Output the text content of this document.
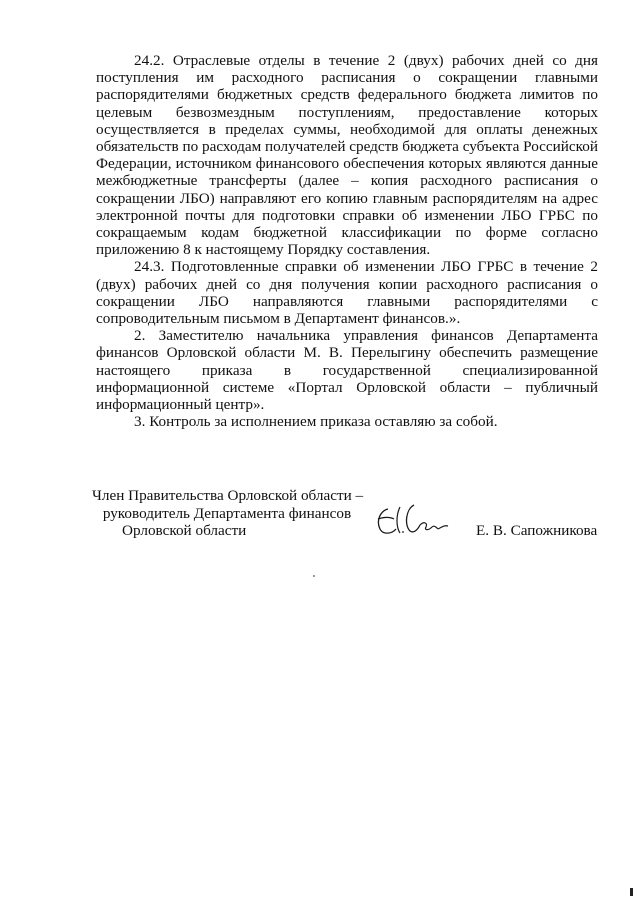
24.2. Отраслевые отделы в течение 2 (двух) рабочих дней со дня поступления им расходного расписания о сокращении главными распорядителями бюджетных средств федерального бюджета лимитов по целевым безвозмездным поступлениям, предоставление которых осуществляется в пределах суммы, необходимой для оплаты денежных обязательств по расходам получателей средств бюджета субъекта Российской Федерации, источником финансового обеспечения которых являются данные межбюджетные трансферты (далее – копия расходного расписания о сокращении ЛБО) направляют его копию главным распорядителям на адрес электронной почты для подготовки справки об изменении ЛБО ГРБС по сокращаемым кодам бюджетной классификации по форме согласно приложению 8 к настоящему Порядку составления.

24.3. Подготовленные справки об изменении ЛБО ГРБС в течение 2 (двух) рабочих дней со дня получения копии расходного расписания о сокращении ЛБО направляются главными распорядителями с сопроводительным письмом в Департамент финансов.».

2. Заместителю начальника управления финансов Департамента финансов Орловской области М. В. Перелыгину обеспечить размещение настоящего приказа в государственной специализированной информационной системе «Портал Орловской области – публичный информационный центр».

3. Контроль за исполнением приказа оставляю за собой.

Член Правительства Орловской области –
руководитель Департамента финансов
Орловской области	Е. В. Сапожникова
